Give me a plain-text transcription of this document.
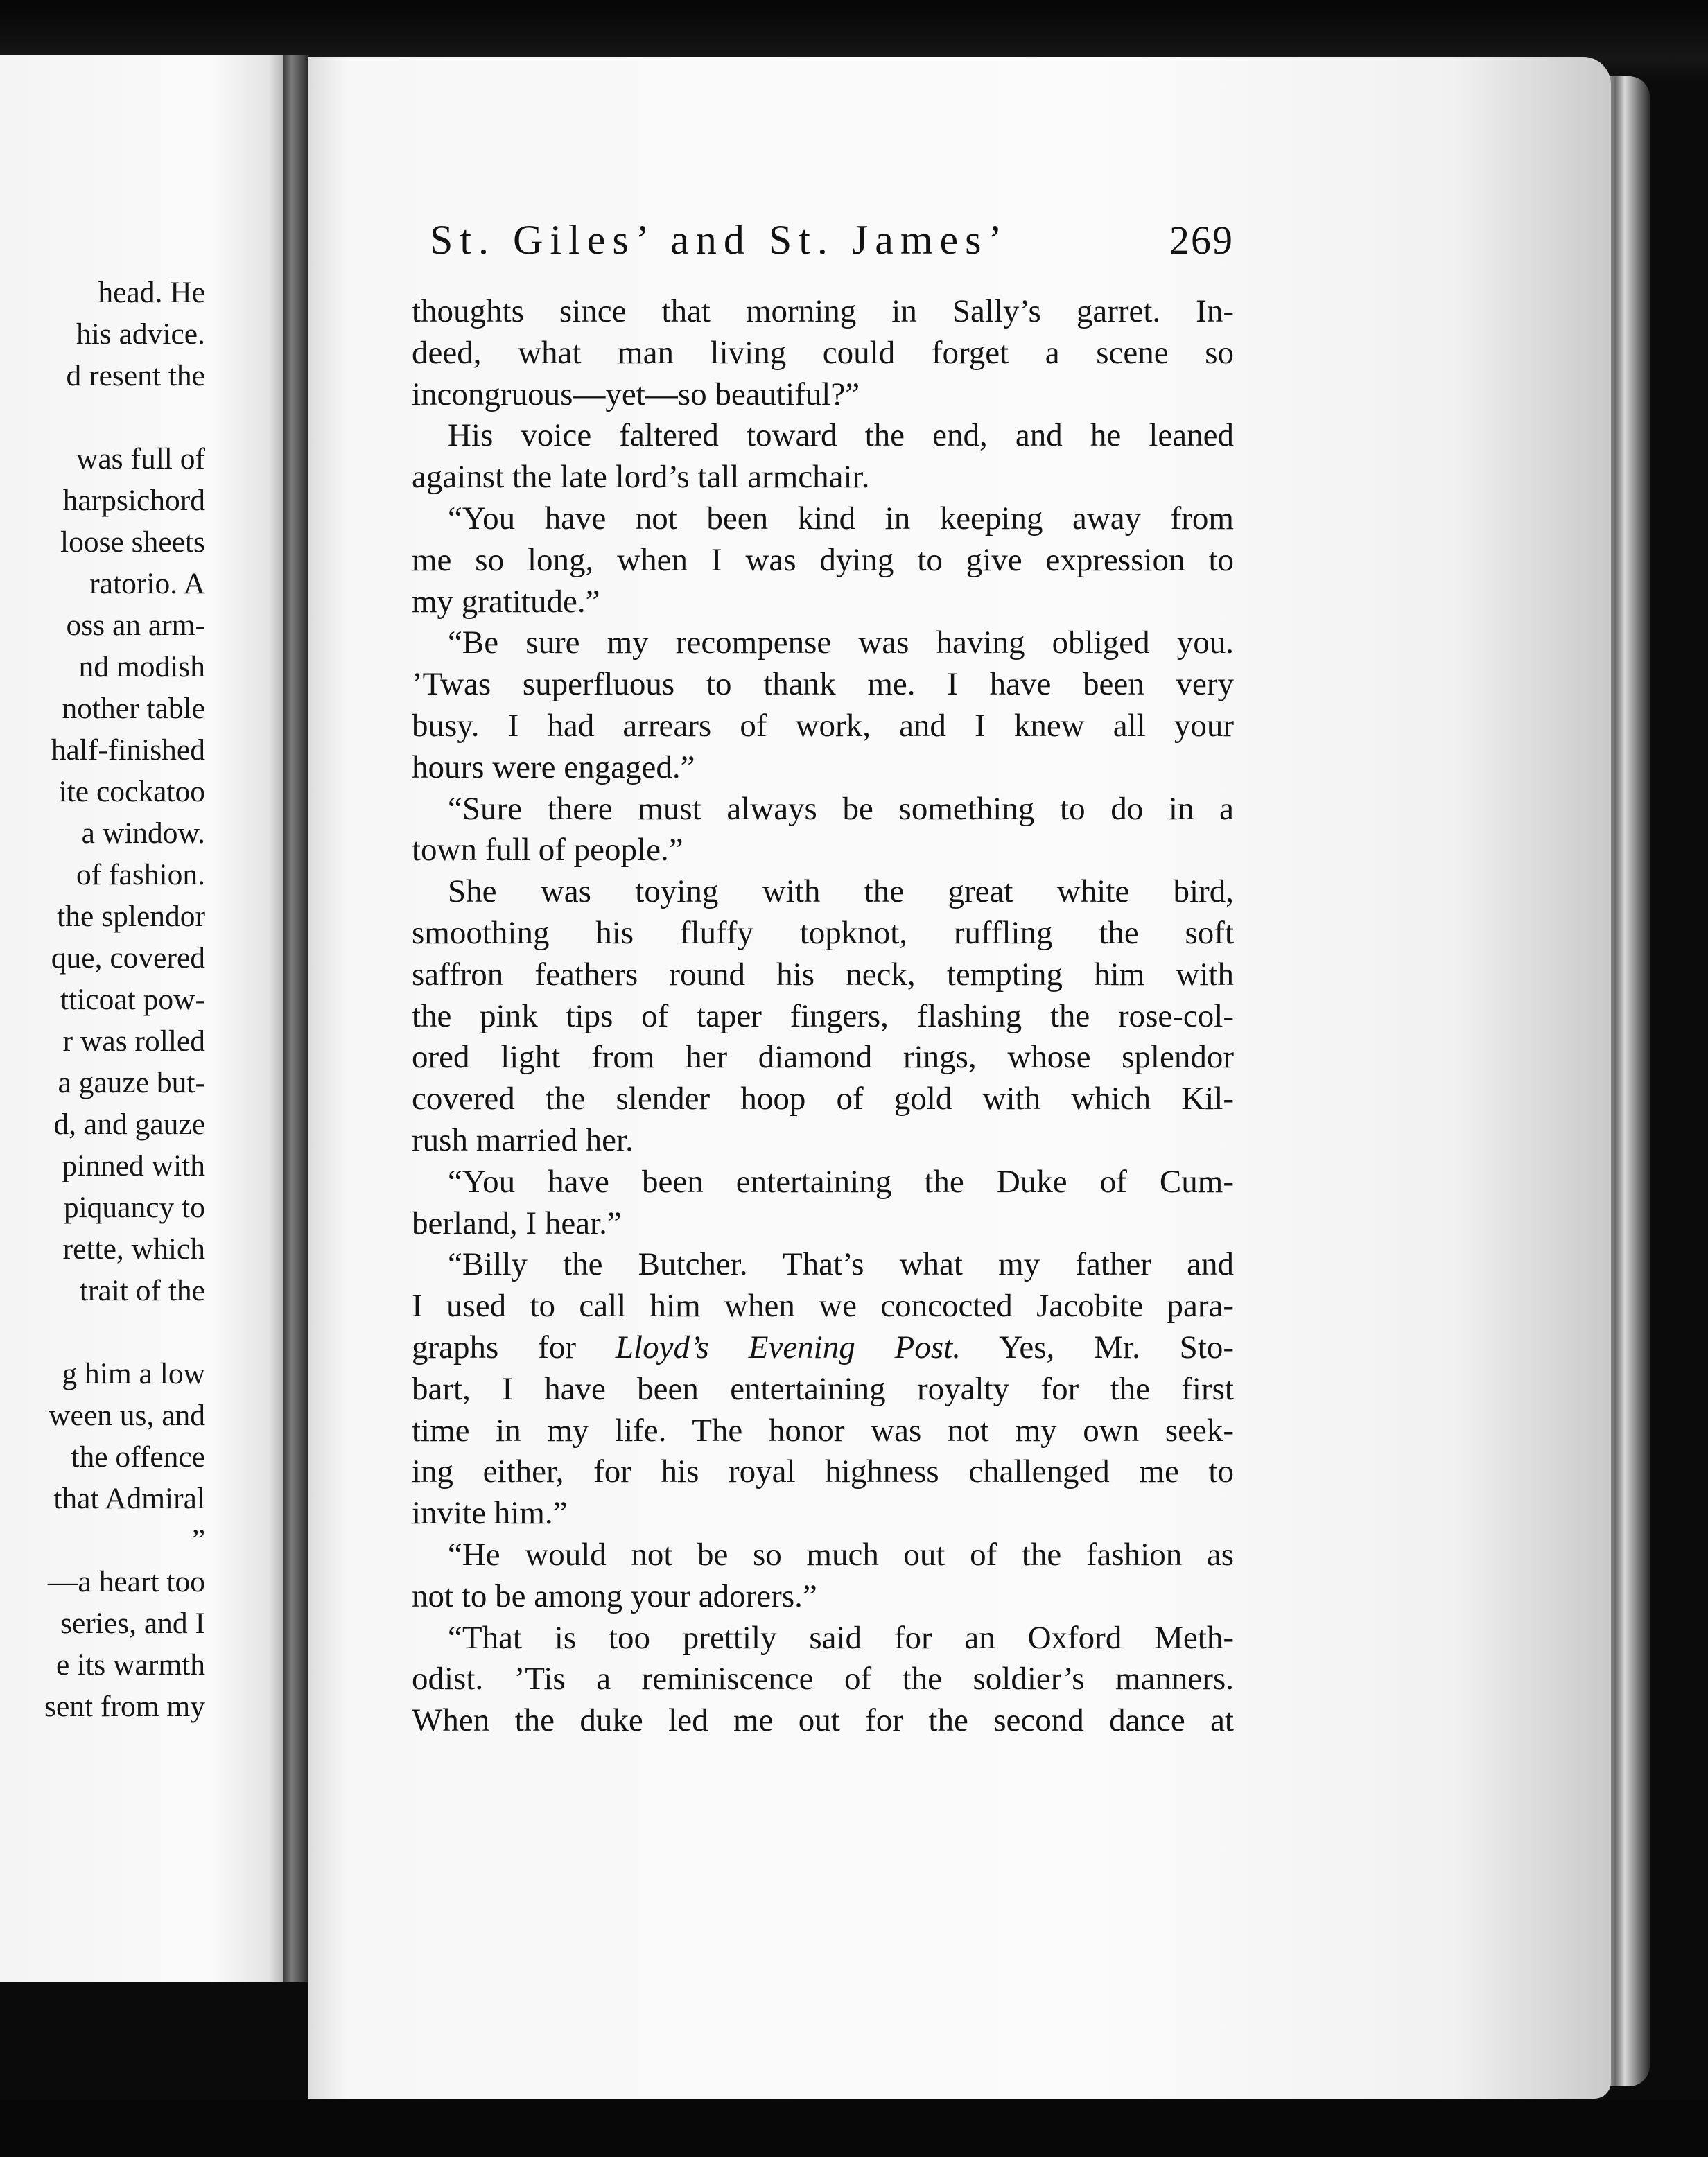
head. He
his advice.
d resent the
was full of
harpsichord
loose sheets
ratorio. A
oss an arm-
nd modish
nother table
half-finished
ite cockatoo
a window.
of fashion.
the splendor
que, covered
tticoat pow-
r was rolled
a gauze but-
d, and gauze
pinned with
piquancy to
rette, which
trait of the
g him a low
ween us, and
the offence
that Admiral
”
—a heart too
series, and I
e its warmth
sent from my
St. Giles’ and St. James’	269
thoughts since that morning in Sally’s garret. In-
deed, what man living could forget a scene so
incongruous—yet—so beautiful?”
His voice faltered toward the end, and he leaned
against the late lord’s tall armchair.
“You have not been kind in keeping away from
me so long, when I was dying to give expression to
my gratitude.”
“Be sure my recompense was having obliged you.
’Twas superfluous to thank me. I have been very
busy. I had arrears of work, and I knew all your
hours were engaged.”
“Sure there must always be something to do in a
town full of people.”
She was toying with the great white bird,
smoothing his fluffy topknot, ruffling the soft
saffron feathers round his neck, tempting him with
the pink tips of taper fingers, flashing the rose-col-
ored light from her diamond rings, whose splendor
covered the slender hoop of gold with which Kil-
rush married her.
“You have been entertaining the Duke of Cum-
berland, I hear.”
“Billy the Butcher. That’s what my father and
I used to call him when we concocted Jacobite para-
graphs for Lloyd’s Evening Post. Yes, Mr. Sto-
bart, I have been entertaining royalty for the first
time in my life. The honor was not my own seek-
ing either, for his royal highness challenged me to
invite him.”
“He would not be so much out of the fashion as
not to be among your adorers.”
“That is too prettily said for an Oxford Meth-
odist. ’Tis a reminiscence of the soldier’s manners.
When the duke led me out for the second dance at
